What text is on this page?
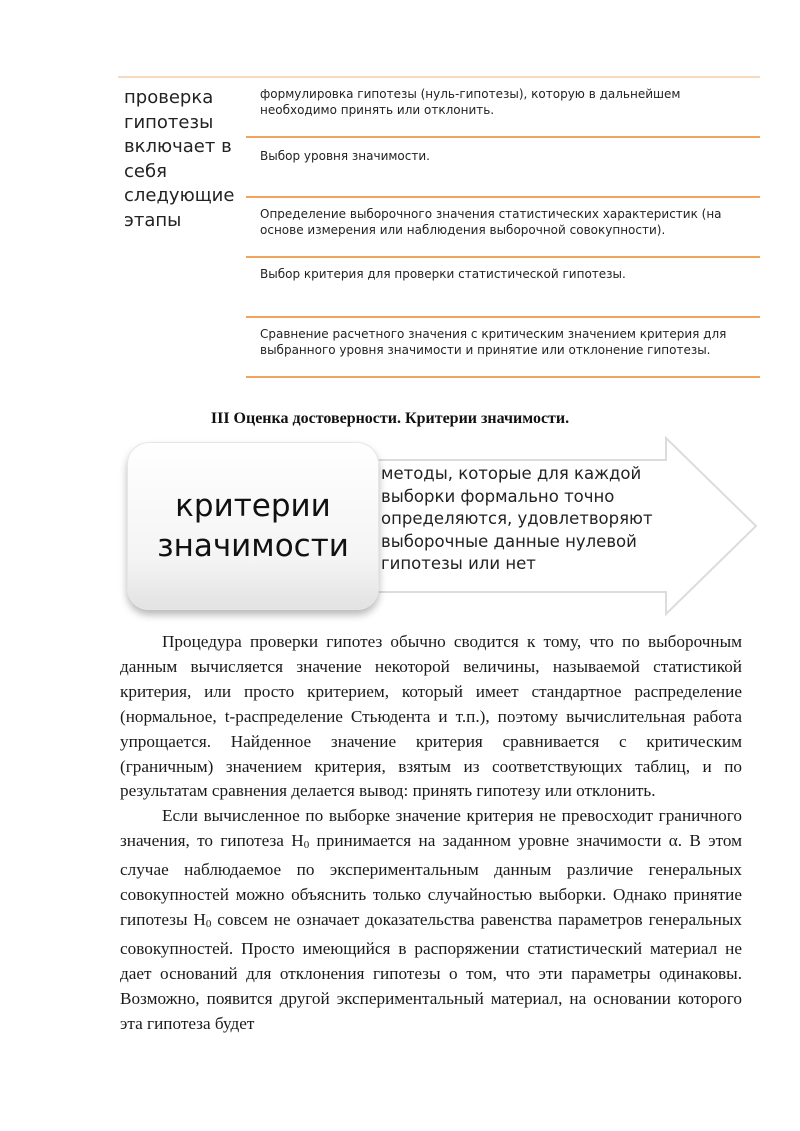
проверка гипотезы включает в себя следующие этапы
формулировка гипотезы (нуль-гипотезы), которую в дальнейшем необходимо принять или отклонить.
Выбор уровня значимости.
Определение выборочного значения статистических характеристик (на основе измерения или наблюдения выборочной совокупности).
Выбор критерия для проверки статистической гипотезы.
Сравнение расчетного значения с критическим значением критерия для выбранного уровня значимости и принятие или отклонение гипотезы.
III Оценка достоверности. Критерии значимости.
критерии значимости
методы, которые для каждой выборки формально точно определяются, удовлетворяют выборочные данные нулевой гипотезы или нет

Процедура проверки гипотез обычно сводится к тому, что по выборочным данным вычисляется значение некоторой величины, называемой статистикой критерия, или просто критерием, который имеет стандартное распределение (нормальное, t-распределение Стьюдента и т.п.), поэтому вычислительная работа упрощается. Найденное значение критерия сравнивается с критическим (граничным) значением критерия, взятым из соответствующих таблиц, и по результатам сравнения делается вывод: принять гипотезу или отклонить.

Если вычисленное по выборке значение критерия не превосходит граничного значения, то гипотеза $H_0$ принимается на заданном уровне значимости α. В этом случае наблюдаемое по экспериментальным данным различие генеральных совокупностей можно объяснить только случайностью выборки. Однако принятие гипотезы $H_0$ совсем не означает доказательства равенства параметров генеральных совокупностей. Просто имеющийся в распоряжении статистический материал не дает оснований для отклонения гипотезы о том, что эти параметры одинаковы. Возможно, появится другой экспериментальный материал, на основании которого эта гипотеза будет
